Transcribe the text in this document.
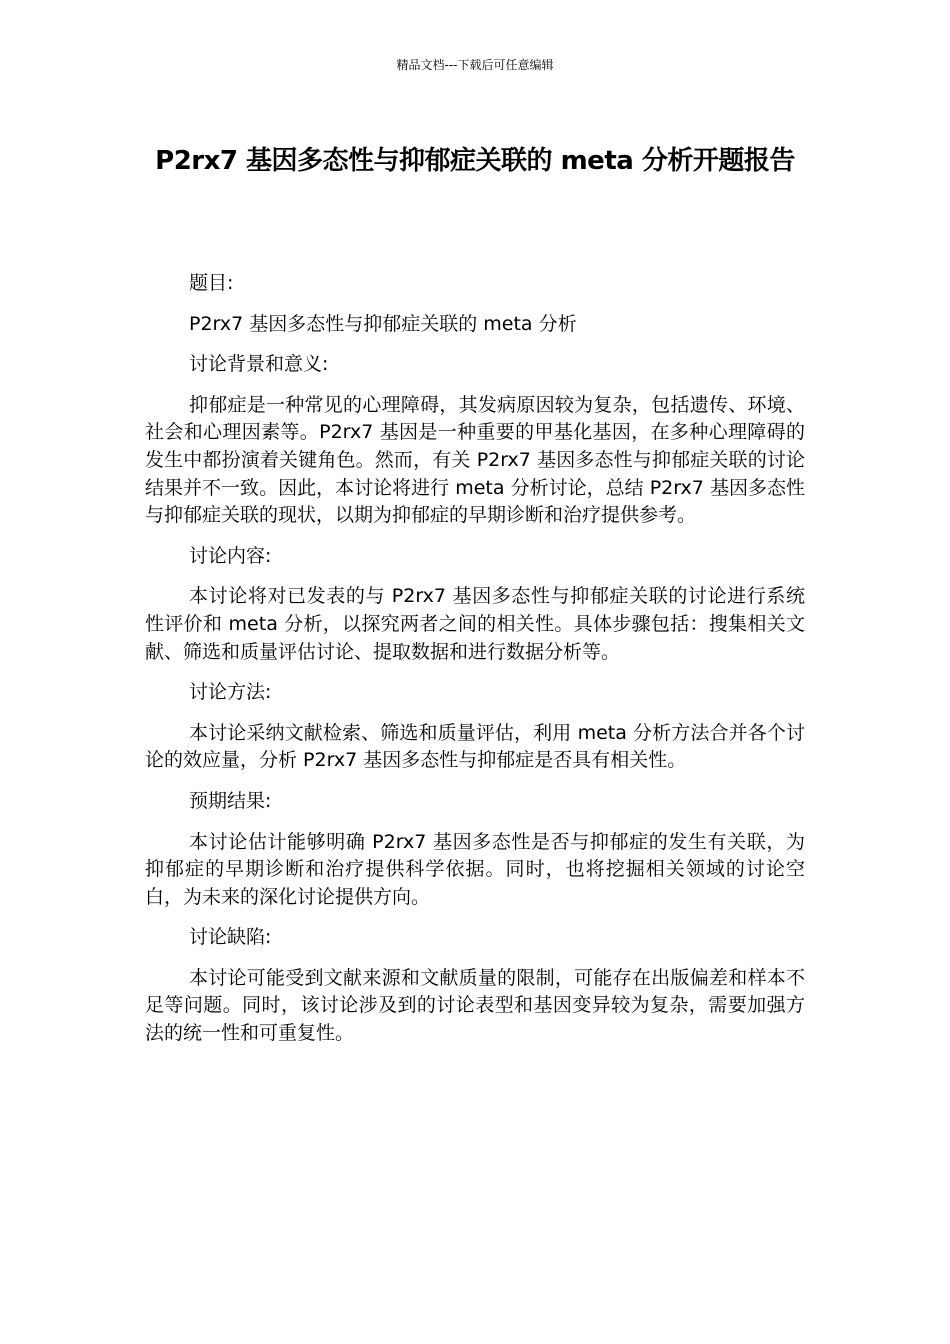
精品文档---下载后可任意编辑
P2rx7 基因多态性与抑郁症关联的 meta 分析开题报告
题目:
P2rx7 基因多态性与抑郁症关联的 meta 分析
讨论背景和意义:
抑郁症是一种常见的心理障碍，其发病原因较为复杂，包括遗传、环境、社会和心理因素等。P2rx7 基因是一种重要的甲基化基因，在多种心理障碍的发生中都扮演着关键角色。然而，有关 P2rx7 基因多态性与抑郁症关联的讨论结果并不一致。因此，本讨论将进行 meta 分析讨论，总结 P2rx7 基因多态性与抑郁症关联的现状，以期为抑郁症的早期诊断和治疗提供参考。
讨论内容:
本讨论将对已发表的与 P2rx7 基因多态性与抑郁症关联的讨论进行系统性评价和 meta 分析，以探究两者之间的相关性。具体步骤包括：搜集相关文献、筛选和质量评估讨论、提取数据和进行数据分析等。
讨论方法:
本讨论采纳文献检索、筛选和质量评估，利用 meta 分析方法合并各个讨论的效应量，分析 P2rx7 基因多态性与抑郁症是否具有相关性。
预期结果:
本讨论估计能够明确 P2rx7 基因多态性是否与抑郁症的发生有关联，为抑郁症的早期诊断和治疗提供科学依据。同时，也将挖掘相关领域的讨论空白，为未来的深化讨论提供方向。
讨论缺陷:
本讨论可能受到文献来源和文献质量的限制，可能存在出版偏差和样本不足等问题。同时，该讨论涉及到的讨论表型和基因变异较为复杂，需要加强方法的统一性和可重复性。
